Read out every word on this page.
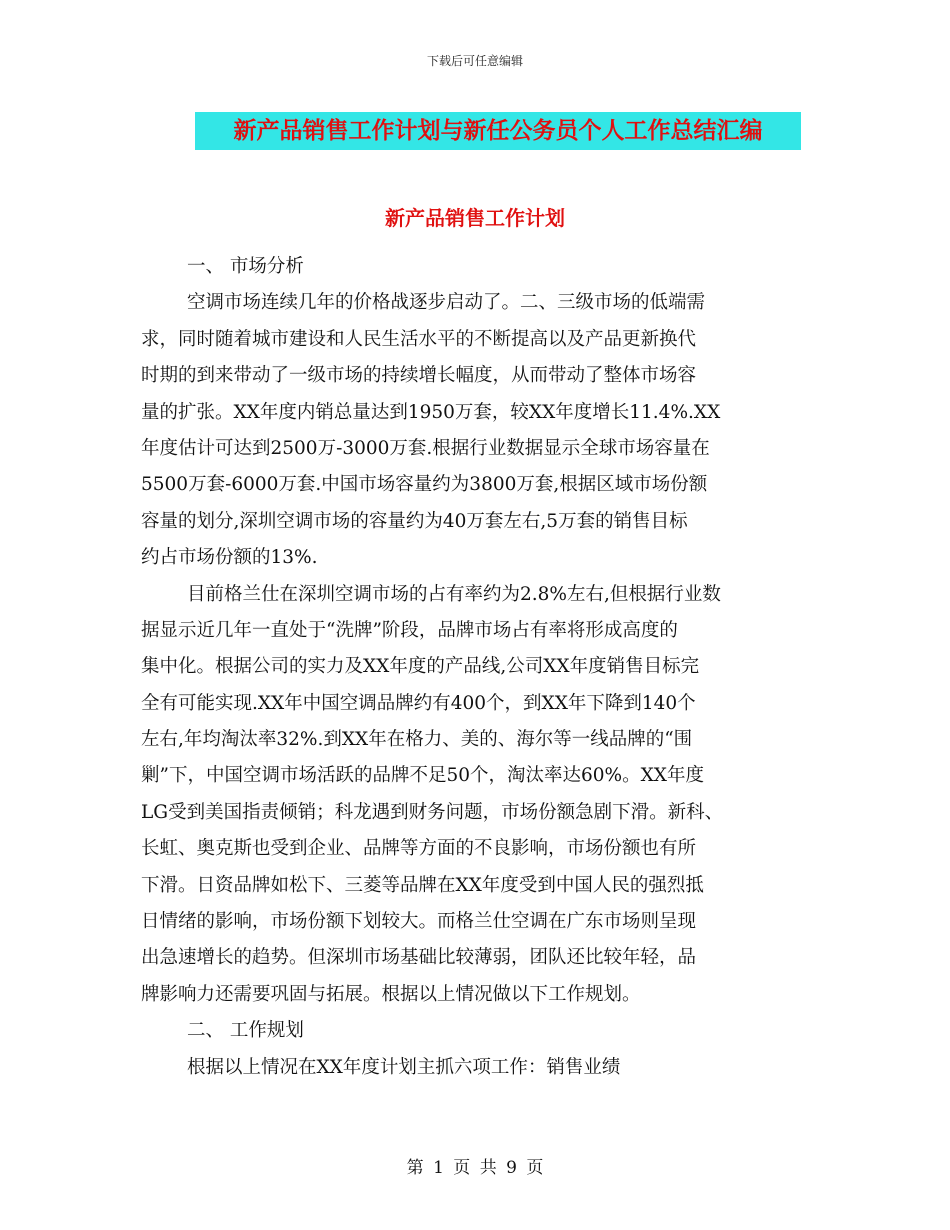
下载后可任意编辑
新产品销售工作计划与新任公务员个人工作总结汇编
新产品销售工作计划
一、 市场分析
空调市场连续几年的价格战逐步启动了。二、三级市场的低端需
求，同时随着城市建设和人民生活水平的不断提高以及产品更新换代
时期的到来带动了一级市场的持续增长幅度，从而带动了整体市场容
量的扩张。XX年度内销总量达到1950万套，较XX年度增长11.4%.XX
年度估计可达到2500万-3000万套.根据行业数据显示全球市场容量在
5500万套-6000万套.中国市场容量约为3800万套,根据区域市场份额
容量的划分,深圳空调市场的容量约为40万套左右,5万套的销售目标
约占市场份额的13%.
目前格兰仕在深圳空调市场的占有率约为2.8%左右,但根据行业数
据显示近几年一直处于“洗牌”阶段，品牌市场占有率将形成高度的
集中化。根据公司的实力及XX年度的产品线,公司XX年度销售目标完
全有可能实现.XX年中国空调品牌约有400个，到XX年下降到140个
左右,年均淘汰率32%.到XX年在格力、美的、海尔等一线品牌的“围
剿”下，中国空调市场活跃的品牌不足50个，淘汰率达60%。XX年度
LG受到美国指责倾销；科龙遇到财务问题，市场份额急剧下滑。新科、
长虹、奥克斯也受到企业、品牌等方面的不良影响，市场份额也有所
下滑。日资品牌如松下、三菱等品牌在XX年度受到中国人民的强烈抵
日情绪的影响，市场份额下划较大。而格兰仕空调在广东市场则呈现
出急速增长的趋势。但深圳市场基础比较薄弱，团队还比较年轻，品
牌影响力还需要巩固与拓展。根据以上情况做以下工作规划。
二、 工作规划
根据以上情况在XX年度计划主抓六项工作：销售业绩
第 1 页 共 9 页
